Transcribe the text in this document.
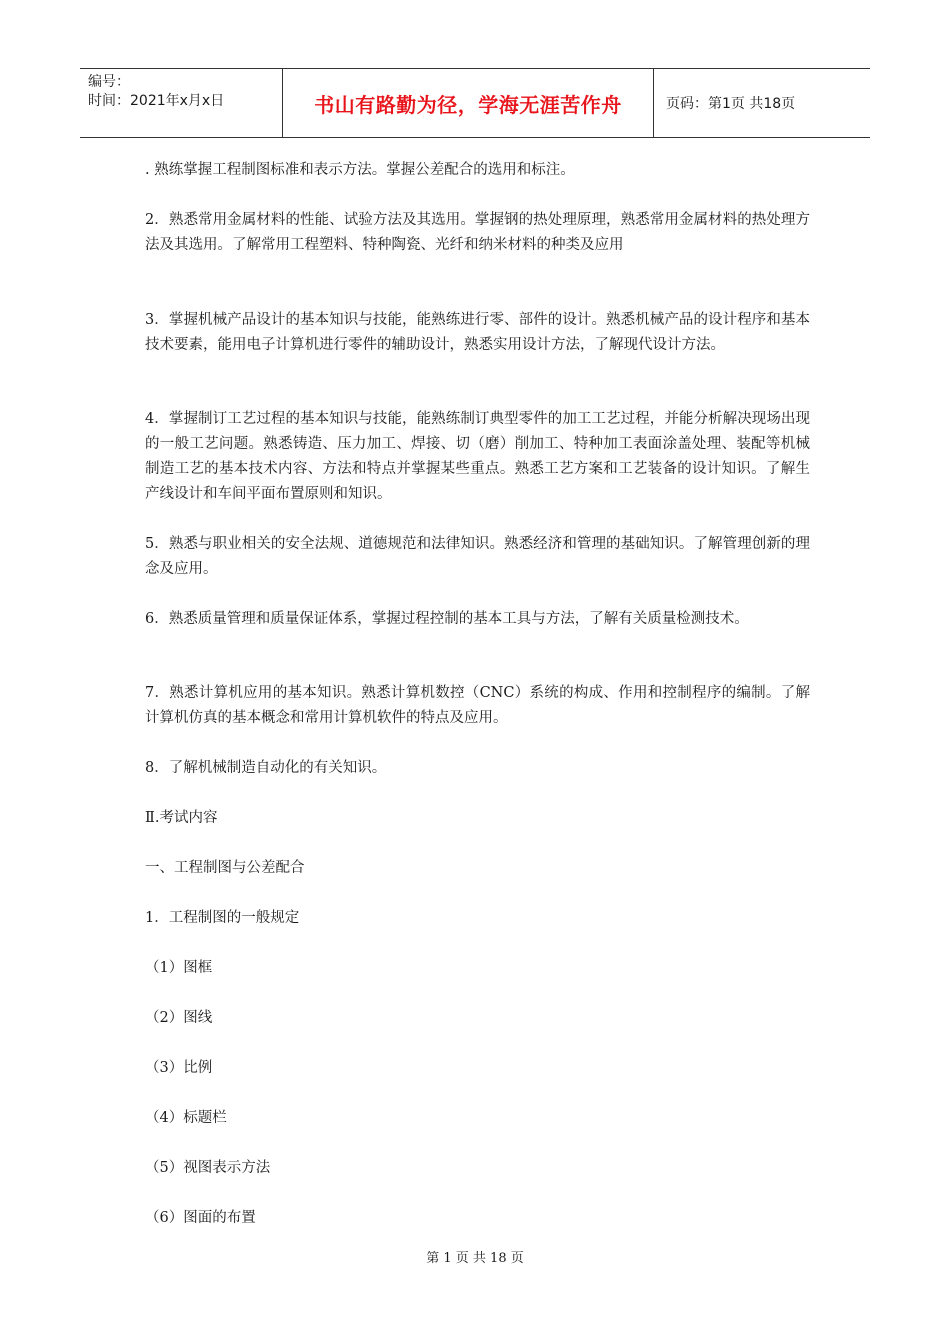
编号：
时间：2021年x月x日	书山有路勤为径，学海无涯苦作舟	页码：第1页 共18页

. 熟练掌握工程制图标准和表示方法。掌握公差配合的选用和标注。

2．熟悉常用金属材料的性能、试验方法及其选用。掌握钢的热处理原理，熟悉常用金属材料的热处理方法及其选用。了解常用工程塑料、特种陶瓷、光纤和纳米材料的种类及应用

3．掌握机械产品设计的基本知识与技能，能熟练进行零、部件的设计。熟悉机械产品的设计程序和基本技术要素，能用电子计算机进行零件的辅助设计，熟悉实用设计方法，了解现代设计方法。

4．掌握制订工艺过程的基本知识与技能，能熟练制订典型零件的加工工艺过程，并能分析解决现场出现的一般工艺问题。熟悉铸造、压力加工、焊接、切（磨）削加工、特种加工表面涂盖处理、装配等机械制造工艺的基本技术内容、方法和特点并掌握某些重点。熟悉工艺方案和工艺装备的设计知识。了解生产线设计和车间平面布置原则和知识。

5．熟悉与职业相关的安全法规、道德规范和法律知识。熟悉经济和管理的基础知识。了解管理创新的理念及应用。

6．熟悉质量管理和质量保证体系，掌握过程控制的基本工具与方法，了解有关质量检测技术。

7．熟悉计算机应用的基本知识。熟悉计算机数控（CNC）系统的构成、作用和控制程序的编制。了解计算机仿真的基本概念和常用计算机软件的特点及应用。

8．了解机械制造自动化的有关知识。
Ⅱ.考试内容
一、工程制图与公差配合
1．工程制图的一般规定
（1）图框
（2）图线
（3）比例
（4）标题栏
（5）视图表示方法
（6）图面的布置
第 1 页 共 18 页
